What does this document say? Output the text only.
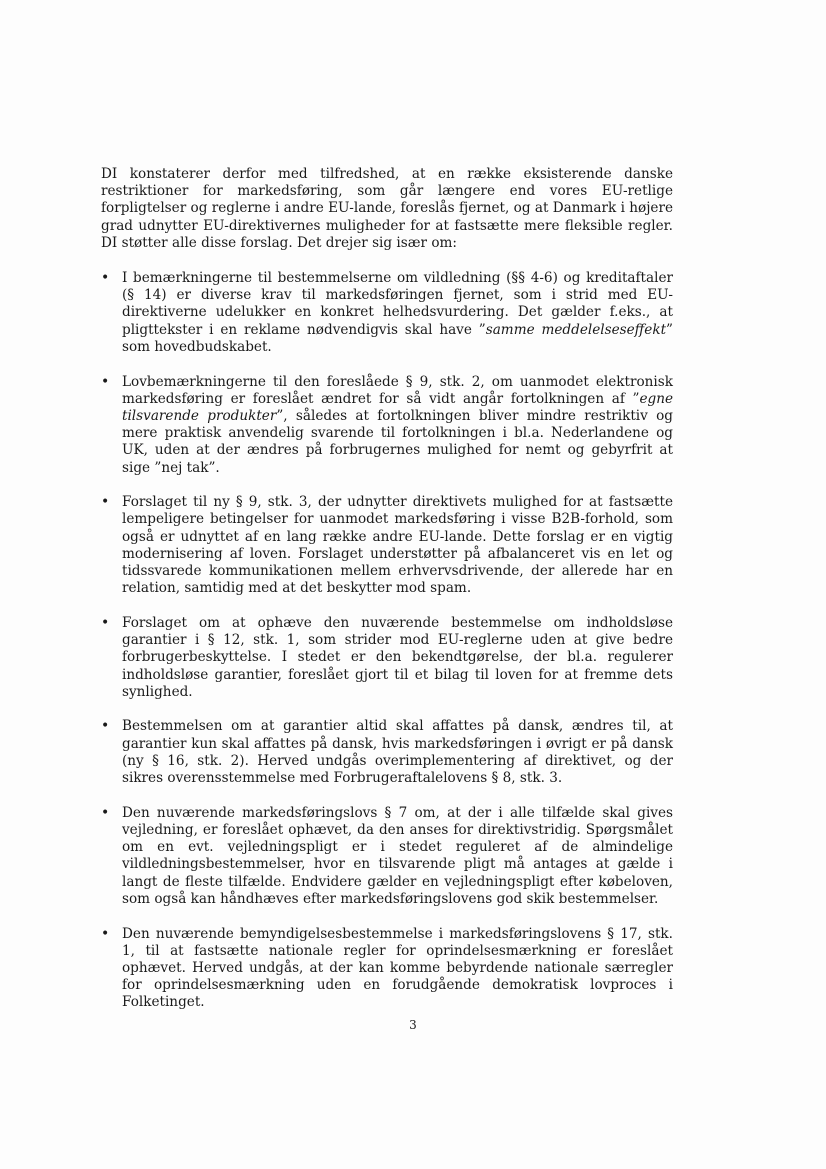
DI konstaterer derfor med tilfredshed, at en række eksisterende danske restriktioner for markedsføring, som går længere end vores EU-retlige forpligtelser og reglerne i andre EU-lande, foreslås fjernet, og at Danmark i højere grad udnytter EU-direktivernes muligheder for at fastsætte mere fleksible regler. DI støtter alle disse forslag. Det drejer sig især om:

• I bemærkningerne til bestemmelserne om vildledning (§§ 4-6) og kreditaftaler (§ 14) er diverse krav til markedsføringen fjernet, som i strid med EU-direktiverne udelukker en konkret helhedsvurdering. Det gælder f.eks., at pligttekster i en reklame nødvendigvis skal have ”samme meddelelseseffekt” som hovedbudskabet.
• Lovbemærkningerne til den foreslåede § 9, stk. 2, om uanmodet elektronisk markedsføring er foreslået ændret for så vidt angår fortolkningen af ”egne tilsvarende produkter”, således at fortolkningen bliver mindre restriktiv og mere praktisk anvendelig svarende til fortolkningen i bl.a. Nederlandene og UK, uden at der ændres på forbrugernes mulighed for nemt og gebyrfrit at sige ”nej tak”.
• Forslaget til ny § 9, stk. 3, der udnytter direktivets mulighed for at fastsætte lempeligere betingelser for uanmodet markedsføring i visse B2B-forhold, som også er udnyttet af en lang række andre EU-lande. Dette forslag er en vigtig modernisering af loven. Forslaget understøtter på afbalanceret vis en let og tidssvarede kommunikationen mellem erhvervsdrivende, der allerede har en relation, samtidig med at det beskytter mod spam.
• Forslaget om at ophæve den nuværende bestemmelse om indholdsløse garantier i § 12, stk. 1, som strider mod EU-reglerne uden at give bedre forbrugerbeskyttelse. I stedet er den bekendtgørelse, der bl.a. regulerer indholdsløse garantier, foreslået gjort til et bilag til loven for at fremme dets synlighed.
• Bestemmelsen om at garantier altid skal affattes på dansk, ændres til, at garantier kun skal affattes på dansk, hvis markedsføringen i øvrigt er på dansk (ny § 16, stk. 2). Herved undgås overimplementering af direktivet, og der sikres overensstemmelse med Forbrugeraftalelovens § 8, stk. 3.
• Den nuværende markedsføringslovs § 7 om, at der i alle tilfælde skal gives vejledning, er foreslået ophævet, da den anses for direktivstridig. Spørgsmålet om en evt. vejledningspligt er i stedet reguleret af de almindelige vildledningsbestemmelser, hvor en tilsvarende pligt må antages at gælde i langt de fleste tilfælde. Endvidere gælder en vejledningspligt efter købeloven, som også kan håndhæves efter markedsføringslovens god skik bestemmelser.
• Den nuværende bemyndigelsesbestemmelse i markedsføringslovens § 17, stk. 1, til at fastsætte nationale regler for oprindelsesmærkning er foreslået ophævet. Herved undgås, at der kan komme bebyrdende nationale særregler for oprindelsesmærkning uden en forudgående demokratisk lovproces i Folketinget.
3
